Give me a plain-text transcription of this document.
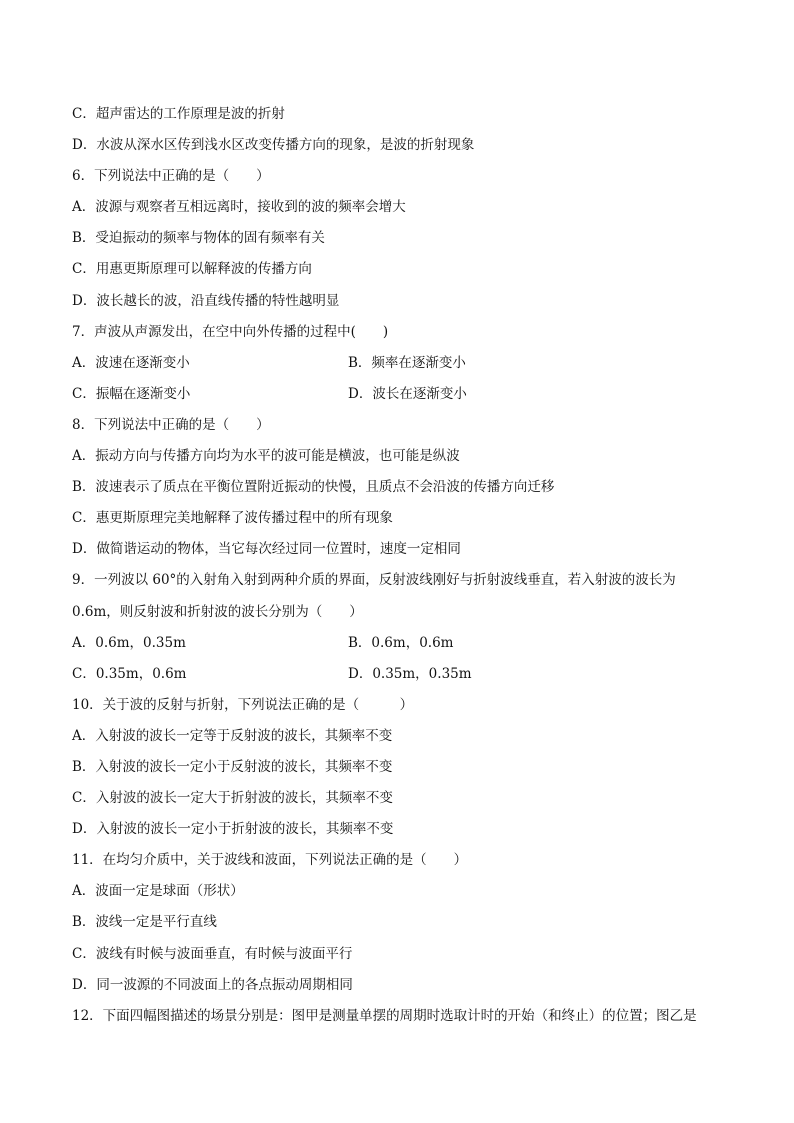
C．超声雷达的工作原理是波的折射
D．水波从深水区传到浅水区改变传播方向的现象，是波的折射现象
6．下列说法中正确的是（　　）
A．波源与观察者互相远离时，接收到的波的频率会增大
B．受迫振动的频率与物体的固有频率有关
C．用惠更斯原理可以解释波的传播方向
D．波长越长的波，沿直线传播的特性越明显
7．声波从声源发出，在空中向外传播的过程中(　　)
A．波速在逐渐变小	B．频率在逐渐变小
C．振幅在逐渐变小	D．波长在逐渐变小
8．下列说法中正确的是（　　）
A．振动方向与传播方向均为水平的波可能是横波，也可能是纵波
B．波速表示了质点在平衡位置附近振动的快慢，且质点不会沿波的传播方向迁移
C．惠更斯原理完美地解释了波传播过程中的所有现象
D．做简谐运动的物体，当它每次经过同一位置时，速度一定相同
9．一列波以 60°的入射角入射到两种介质的界面，反射波线刚好与折射波线垂直，若入射波的波长为
0.6m，则反射波和折射波的波长分别为（　　）
A．0.6m，0.35m	B．0.6m，0.6m
C．0.35m，0.6m	D．0.35m，0.35m
10．关于波的反射与折射，下列说法正确的是（　　　）
A．入射波的波长一定等于反射波的波长，其频率不变
B．入射波的波长一定小于反射波的波长，其频率不变
C．入射波的波长一定大于折射波的波长，其频率不变
D．入射波的波长一定小于折射波的波长，其频率不变
11．在均匀介质中，关于波线和波面，下列说法正确的是（　　）
A．波面一定是球面（形状）
B．波线一定是平行直线
C．波线有时候与波面垂直，有时候与波面平行
D．同一波源的不同波面上的各点振动周期相同
12．下面四幅图描述的场景分别是：图甲是测量单摆的周期时选取计时的开始（和终止）的位置；图乙是
